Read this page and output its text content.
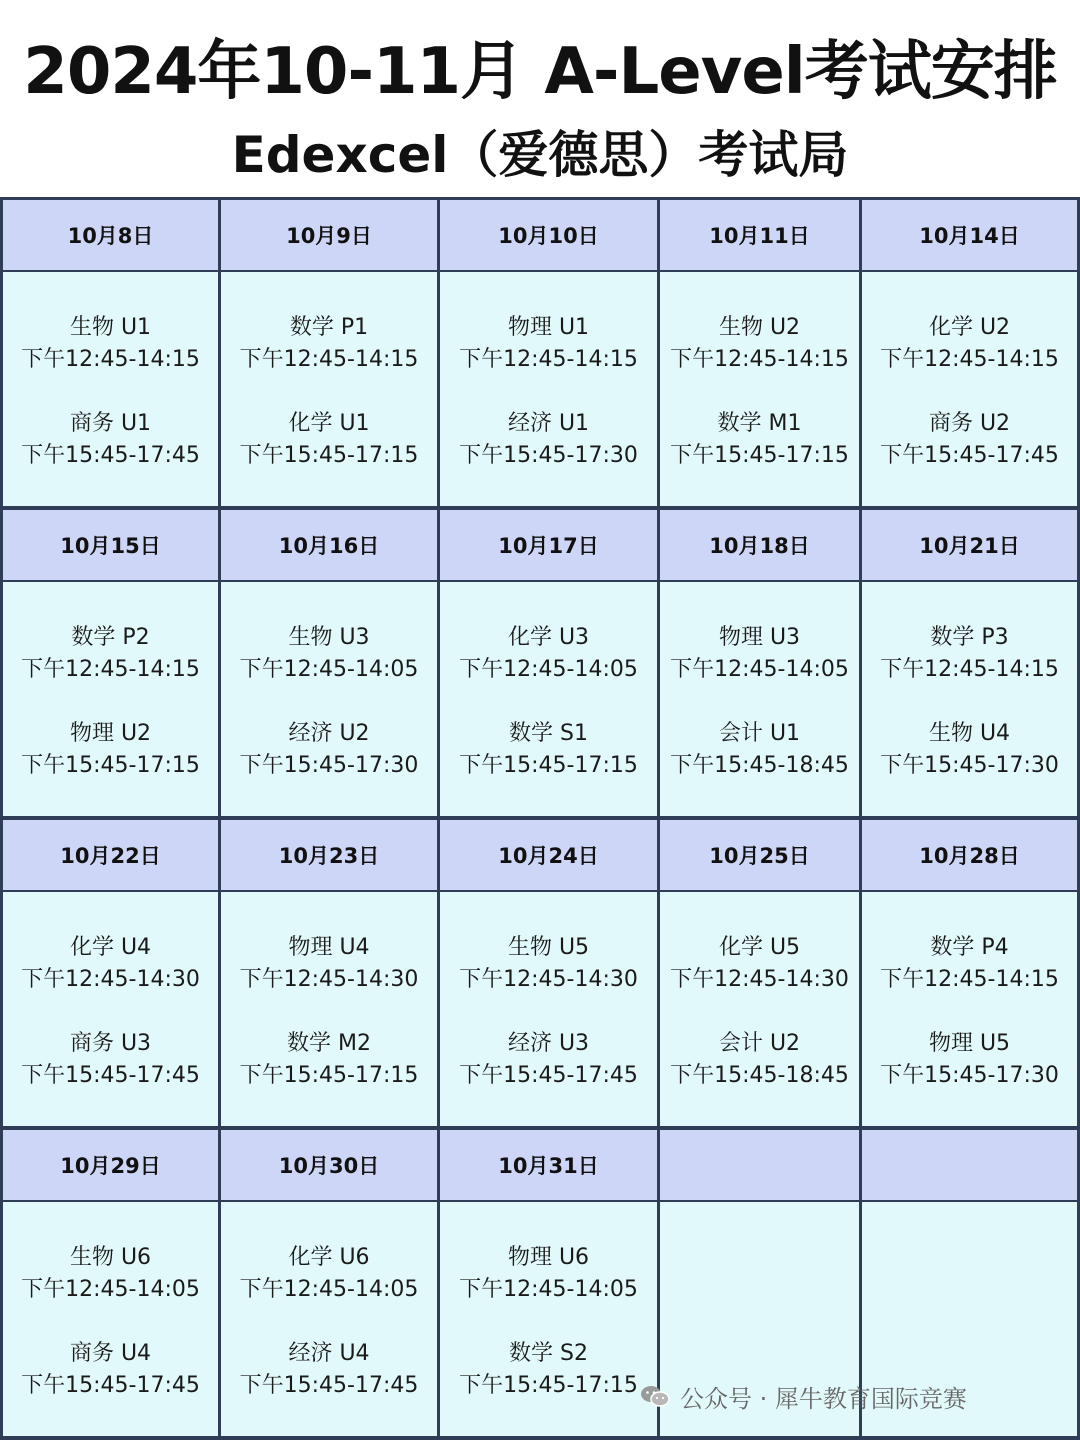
2024年10-11月 A-Level考试安排
Edexcel（爱德思）考试局
10月8日
生物 U1
下午12:45-14:15
商务 U1
下午15:45-17:45
10月9日
数学 P1
下午12:45-14:15
化学 U1
下午15:45-17:15
10月10日
物理 U1
下午12:45-14:15
经济 U1
下午15:45-17:30
10月11日
生物 U2
下午12:45-14:15
数学 M1
下午15:45-17:15
10月14日
化学 U2
下午12:45-14:15
商务 U2
下午15:45-17:45
10月15日
数学 P2
下午12:45-14:15
物理 U2
下午15:45-17:15
10月16日
生物 U3
下午12:45-14:05
经济 U2
下午15:45-17:30
10月17日
化学 U3
下午12:45-14:05
数学 S1
下午15:45-17:15
10月18日
物理 U3
下午12:45-14:05
会计 U1
下午15:45-18:45
10月21日
数学 P3
下午12:45-14:15
生物 U4
下午15:45-17:30
10月22日
化学 U4
下午12:45-14:30
商务 U3
下午15:45-17:45
10月23日
物理 U4
下午12:45-14:30
数学 M2
下午15:45-17:15
10月24日
生物 U5
下午12:45-14:30
经济 U3
下午15:45-17:45
10月25日
化学 U5
下午12:45-14:30
会计 U2
下午15:45-18:45
10月28日
数学 P4
下午12:45-14:15
物理 U5
下午15:45-17:30
10月29日
生物 U6
下午12:45-14:05
商务 U4
下午15:45-17:45
10月30日
化学 U6
下午12:45-14:05
经济 U4
下午15:45-17:45
10月31日
物理 U6
下午12:45-14:05
数学 S2
下午15:45-17:15	公众号 · 犀牛教育国际竞赛
